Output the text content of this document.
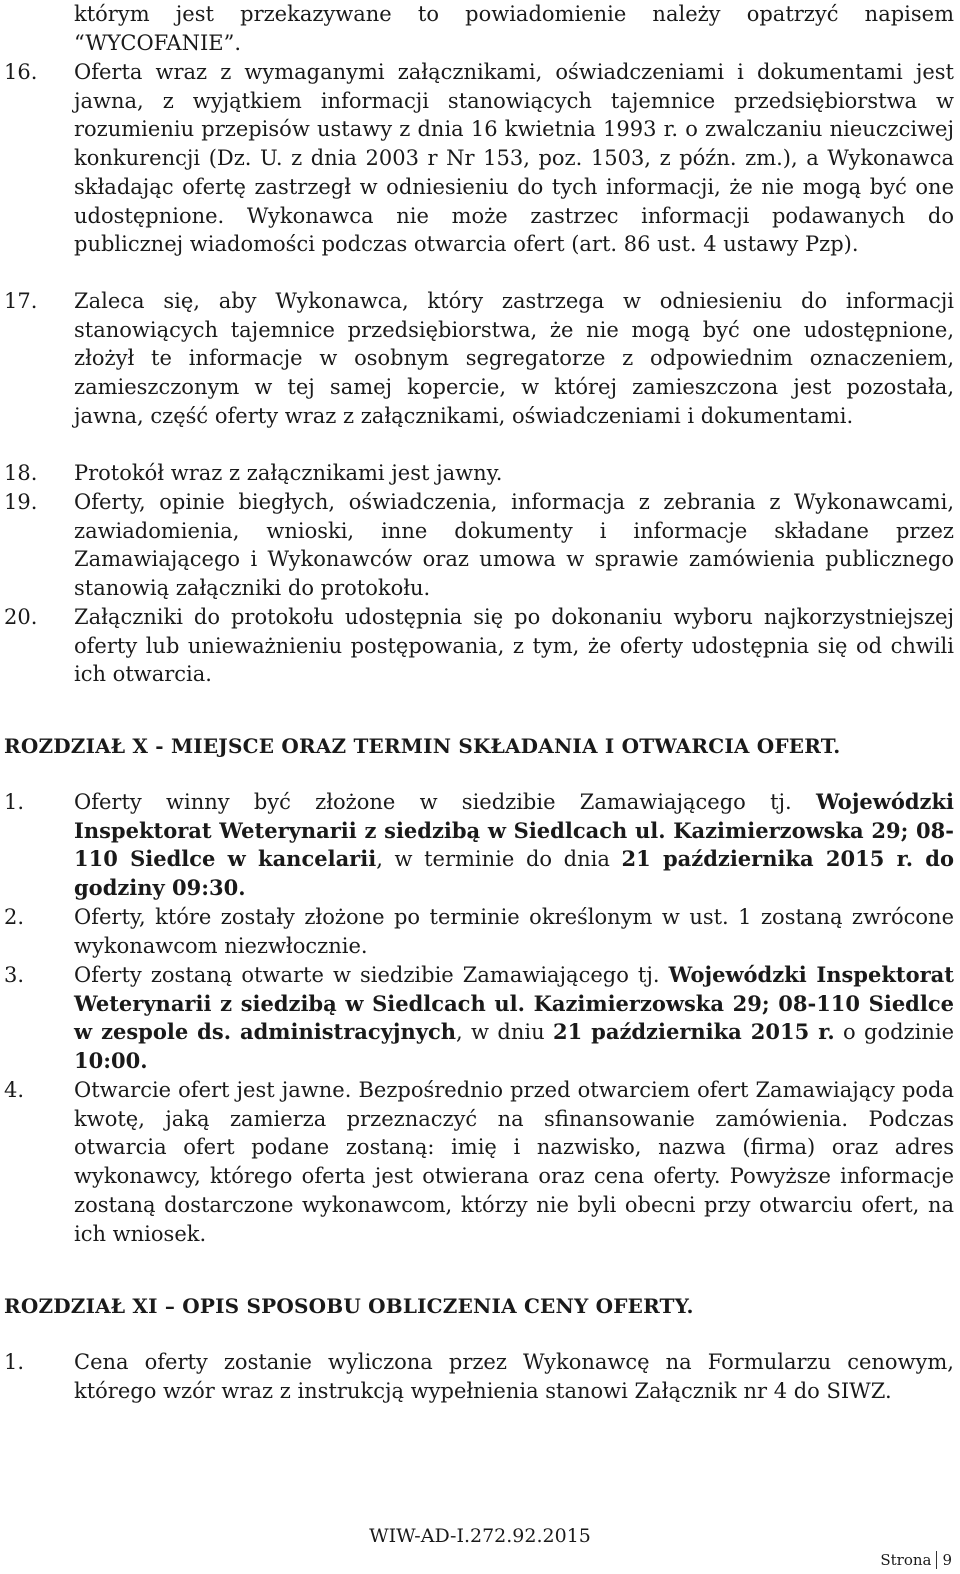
którym jest przekazywane to powiadomienie należy opatrzyć napisem “WYCOFANIE”.
16.	Oferta wraz z wymaganymi załącznikami, oświadczeniami i dokumentami jest jawna, z wyjątkiem informacji stanowiących tajemnice przedsiębiorstwa w rozumieniu przepisów ustawy z dnia 16 kwietnia 1993 r. o zwalczaniu nieuczciwej konkurencji (Dz. U. z dnia 2003 r Nr 153, poz. 1503, z późn. zm.), a Wykonawca składając ofertę zastrzegł w odniesieniu do tych informacji, że nie mogą być one udostępnione. Wykonawca nie może zastrzec informacji podawanych do publicznej wiadomości podczas otwarcia ofert (art. 86 ust. 4 ustawy Pzp).
17.	Zaleca się, aby Wykonawca, który zastrzega w odniesieniu do informacji stanowiących tajemnice przedsiębiorstwa, że nie mogą być one udostępnione, złożył te informacje w osobnym segregatorze z odpowiednim oznaczeniem, zamieszczonym w tej samej kopercie, w której zamieszczona jest pozostała, jawna, część oferty wraz z załącznikami, oświadczeniami i dokumentami.
18.	Protokół wraz z załącznikami jest jawny.
19.	Oferty, opinie biegłych, oświadczenia, informacja z zebrania z Wykonawcami, zawiadomienia, wnioski, inne dokumenty i informacje składane przez Zamawiającego i Wykonawców oraz umowa w sprawie zamówienia publicznego stanowią załączniki do protokołu.
20.	Załączniki do protokołu udostępnia się po dokonaniu wyboru najkorzystniejszej oferty lub unieważnieniu postępowania, z tym, że oferty udostępnia się od chwili ich otwarcia.
ROZDZIAŁ X - MIEJSCE ORAZ TERMIN SKŁADANIA I OTWARCIA OFERT.
1.	Oferty winny być złożone w siedzibie Zamawiającego tj. Wojewódzki Inspektorat Weterynarii z siedzibą w Siedlcach ul. Kazimierzowska 29; 08-110 Siedlce w kancelarii, w terminie do dnia 21 października 2015 r. do godziny 09:30.
2.	Oferty, które zostały złożone po terminie określonym w ust. 1 zostaną zwrócone wykonawcom niezwłocznie.
3.	Oferty zostaną otwarte w siedzibie Zamawiającego tj. Wojewódzki Inspektorat Weterynarii z siedzibą w Siedlcach ul. Kazimierzowska 29; 08-110 Siedlce w zespole ds. administracyjnych, w dniu 21 października 2015 r. o godzinie 10:00.
4.	Otwarcie ofert jest jawne. Bezpośrednio przed otwarciem ofert Zamawiający poda kwotę, jaką zamierza przeznaczyć na sfinansowanie zamówienia. Podczas otwarcia ofert podane zostaną: imię i nazwisko, nazwa (firma) oraz adres wykonawcy, którego oferta jest otwierana oraz cena oferty. Powyższe informacje zostaną dostarczone wykonawcom, którzy nie byli obecni przy otwarciu ofert, na ich wniosek.
ROZDZIAŁ XI – OPIS SPOSOBU OBLICZENIA CENY OFERTY.
1.	Cena oferty zostanie wyliczona przez Wykonawcę na Formularzu cenowym, którego wzór wraz z instrukcją wypełnienia stanowi Załącznik nr 4 do SIWZ.
WIW-AD-I.272.92.2015
Strona 9
